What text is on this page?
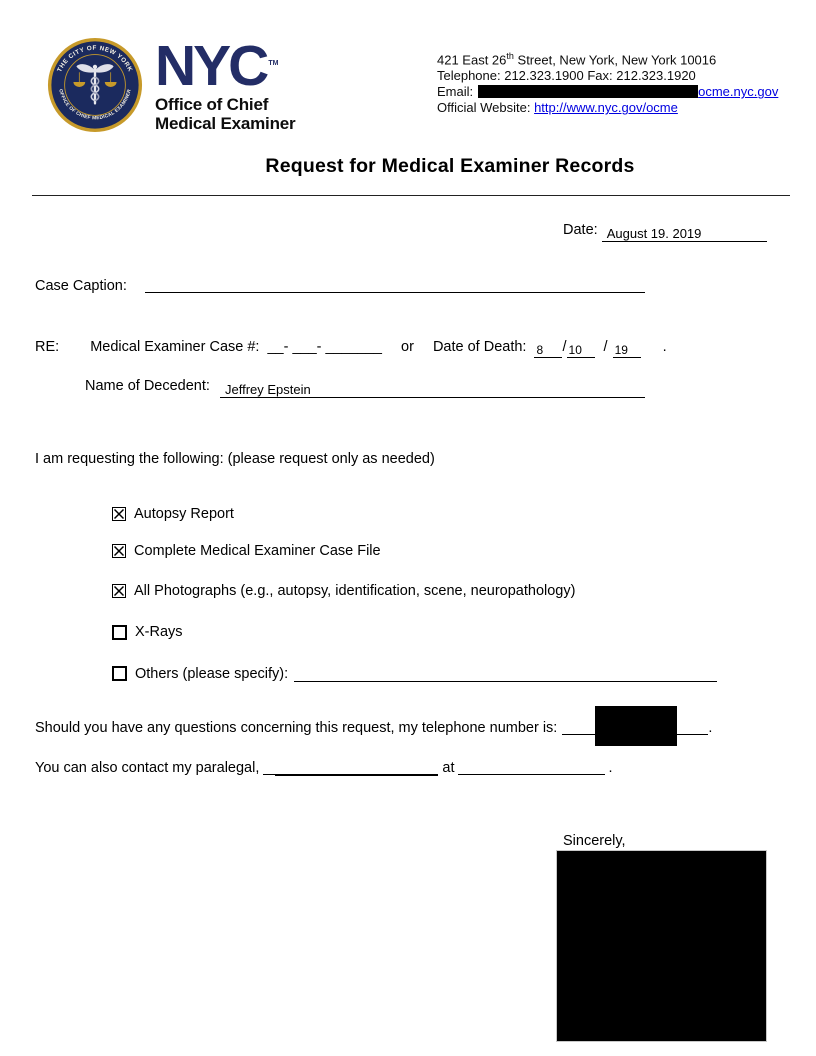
THE CITY OF NEW YORK
OFFICE OF CHIEF MEDICAL EXAMINER NYC ™
Office of Chief
Medical Examiner
421 East 26th Street, New York, New York 10016
Telephone: 212.323.1900 Fax: 212.323.1920
Email:	ocme.nyc.gov
Official Website: http://www.nyc.gov/ocme
Request for Medical Examiner Records
Date: August 19. 2019
Case Caption:
RE: Medical Examiner Case #: __- ___- _______ or Date of Death: 8 / 10 / 19 .
Name of Decedent: Jeffrey Epstein
I am requesting the following: (please request only as needed)
Autopsy Report
Complete Medical Examiner Case File
All Photographs (e.g., autopsy, identification, scene, neuropathology)
X-Rays
Others (please specify):
Should you have any questions concerning this request, my telephone number is:	.
You can also contact my paralegal,	at	.
Sincerely,
